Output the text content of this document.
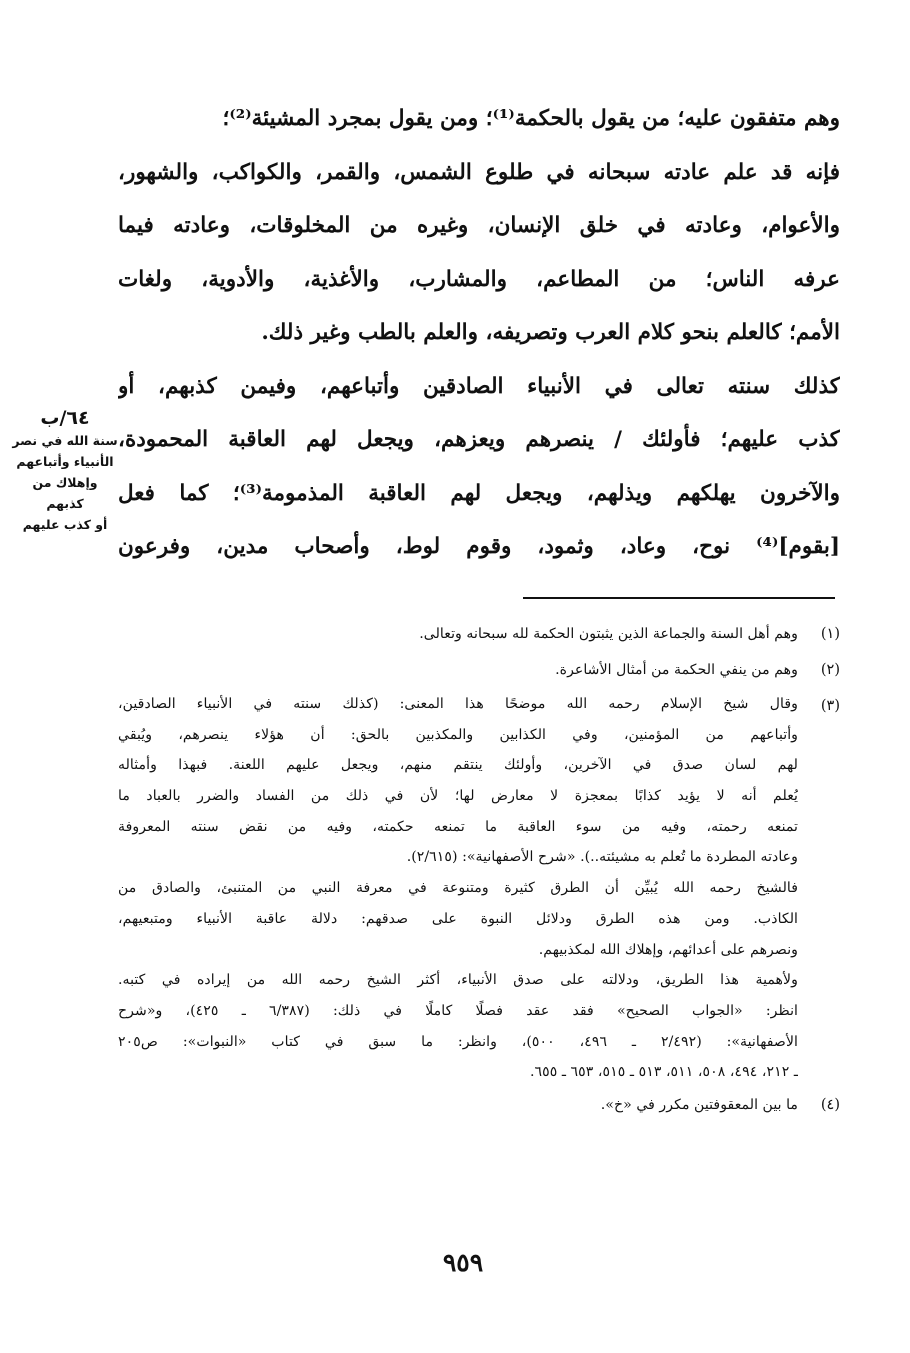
وهم متفقون عليه؛ من يقول بالحكمة⁽¹⁾؛ ومن يقول بمجرد المشيئة⁽²⁾؛
فإنه قد علم عادته سبحانه في طلوع الشمس، والقمر، والكواكب، والشهور،
والأعوام، وعادته في خلق الإنسان، وغيره من المخلوقات، وعادته فيما
عرفه الناس؛ من المطاعم، والمشارب، والأغذية، والأدوية، ولغات
الأمم؛ كالعلم بنحو كلام العرب وتصريفه، والعلم بالطب وغير ذلك.
كذلك سنته تعالى في الأنبياء الصادقين وأتباعهم، وفيمن كذبهم، أو
كذب عليهم؛ فأولئك / ينصرهم ويعزهم، ويجعل لهم العاقبة المحمودة،
والآخرون يهلكهم ويذلهم، ويجعل لهم العاقبة المذمومة⁽³⁾؛ كما فعل
[بقوم]⁽⁴⁾ نوح، وعاد، وثمود، وقوم لوط، وأصحاب مدين، وفرعون
٦٤/ب
سنة الله في نصر
الأنبياء وأتباعهم
وإهلاك من كذبهم
أو كذب عليهم
(١)
وهم أهل السنة والجماعة الذين يثبتون الحكمة لله سبحانه وتعالى.
(٢)
وهم من ينفي الحكمة من أمثال الأشاعرة.
(٣)
وقال شيخ الإسلام رحمه الله موضحًا هذا المعنى: (كذلك سنته في الأنبياء الصادقين،
وأتباعهم من المؤمنين، وفي الكذابين والمكذبين بالحق: أن هؤلاء ينصرهم، ويُبقي
لهم لسان صدق في الآخرين، وأولئك ينتقم منهم، ويجعل عليهم اللعنة. فبهذا وأمثاله
يُعلم أنه لا يؤيد كذابًا بمعجزة لا معارض لها؛ لأن في ذلك من الفساد والضرر بالعباد ما
تمنعه رحمته، وفيه من سوء العاقبة ما تمنعه حكمته، وفيه من نقض سنته المعروفة
وعادته المطردة ما تُعلم به مشيئته..). «شرح الأصفهانية»: (٢/٦١٥).
فالشيخ رحمه الله يُبيِّن أن الطرق كثيرة ومتنوعة في معرفة النبي من المتنبئ، والصادق من
الكاذب. ومن هذه الطرق ودلائل النبوة على صدقهم: دلالة عاقبة الأنبياء ومتبعيهم،
ونصرهم على أعدائهم، وإهلاك الله لمكذبيهم.
ولأهمية هذا الطريق، ودلالته على صدق الأنبياء، أكثر الشيخ رحمه الله من إيراده في كتبه.
انظر: «الجواب الصحيح» فقد عقد فصلًا كاملًا في ذلك: (٦/٣٨٧ ـ ٤٢٥)، و«شرح
الأصفهانية»: (٢/٤٩٢ ـ ٤٩٦، ٥٠٠)، وانظر: ما سبق في كتاب «النبوات»: ص٢٠٥
ـ ٢١٢، ٤٩٤، ٥٠٨، ٥١١، ٥١٣ ـ ٥١٥، ٦٥٣ ـ ٦٥٥.
(٤)
ما بين المعقوفتين مكرر في «خ».
٩٥٩
